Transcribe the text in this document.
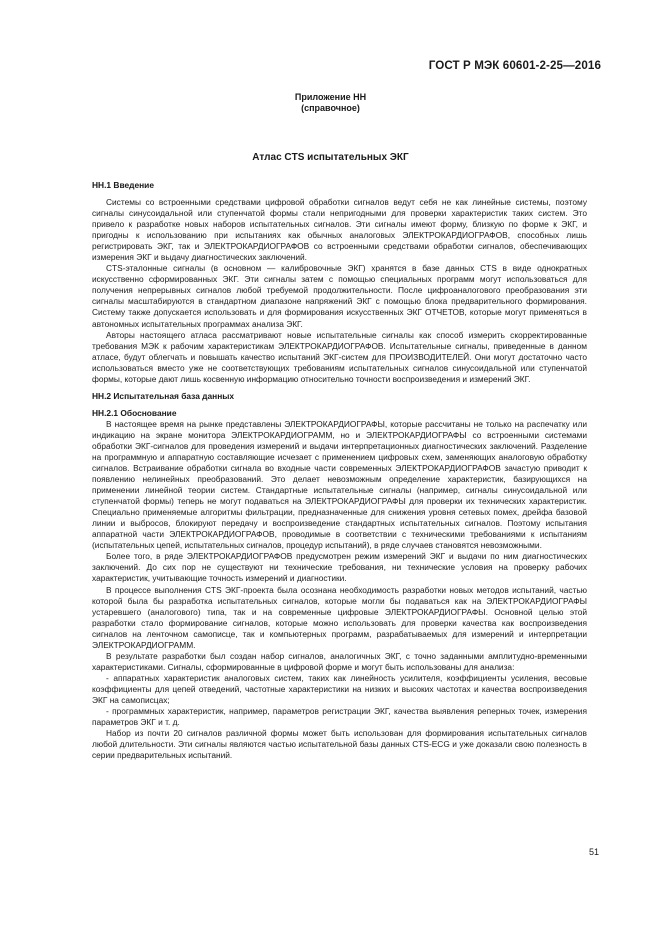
ГОСТ Р МЭК 60601-2-25—2016
Приложение НН
(справочное)
Атлас CTS испытательных ЭКГ
НН.1 Введение

Системы со встроенными средствами цифровой обработки сигналов ведут себя не как линейные системы, поэтому сигналы синусоидальной или ступенчатой формы стали непригодными для проверки характеристик таких систем. Это привело к разработке новых наборов испытательных сигналов. Эти сигналы имеют форму, близкую по форме к ЭКГ, и пригодны к использованию при испытаниях как обычных аналоговых ЭЛЕКТРОКАРДИОГРАФОВ, способных лишь регистрировать ЭКГ, так и ЭЛЕКТРОКАРДИОГРАФОВ со встроенными средствами обработки сигналов, обеспечивающих измерения ЭКГ и выдачу диагностических заключений.

CTS-эталонные сигналы (в основном — калибровочные ЭКГ) хранятся в базе данных CTS в виде однократных искусственно сформированных ЭКГ. Эти сигналы затем с помощью специальных программ могут использоваться для получения непрерывных сигналов любой требуемой продолжительности. После цифроаналогового преобразования эти сигналы масштабируются в стандартном диапазоне напряжений ЭКГ с помощью блока предварительного формирования. Систему также допускается использовать и для формирования искусственных ЭКГ ОТЧЕТОВ, которые могут применяться в автономных испытательных программах анализа ЭКГ.

Авторы настоящего атласа рассматривают новые испытательные сигналы как способ измерить скорректированные требования МЭК к рабочим характеристикам ЭЛЕКТРОКАРДИОГРАФОВ. Испытательные сигналы, приведенные в данном атласе, будут облегчать и повышать качество испытаний ЭКГ-систем для ПРОИЗВОДИТЕЛЕЙ. Они могут достаточно часто использоваться вместо уже не соответствующих требованиям испытательных сигналов синусоидальной или ступенчатой формы, которые дают лишь косвенную информацию относительно точности воспроизведения и измерений ЭКГ.

НН.2 Испытательная база данных
НН.2.1 Обоснование

В настоящее время на рынке представлены ЭЛЕКТРОКАРДИОГРАФЫ, которые рассчитаны не только на распечатку или индикацию на экране монитора ЭЛЕКТРОКАРДИОГРАММ, но и ЭЛЕКТРОКАРДИОГРАФЫ со встроенными системами обработки ЭКГ-сигналов для проведения измерений и выдачи интерпретационных диагностических заключений. Разделение на программную и аппаратную составляющие исчезает с применением цифровых схем, заменяющих аналоговую обработку сигналов. Встраивание обработки сигнала во входные части современных ЭЛЕКТРОКАРДИОГРАФОВ зачастую приводит к появлению нелинейных преобразований. Это делает невозможным определение характеристик, базирующихся на применении линейной теории систем. Стандартные испытательные сигналы (например, сигналы синусоидальной или ступенчатой формы) теперь не могут подаваться на ЭЛЕКТРОКАРДИОГРАФЫ для проверки их технических характеристик. Специально применяемые алгоритмы фильтрации, предназначенные для снижения уровня сетевых помех, дрейфа базовой линии и выбросов, блокируют передачу и воспроизведение стандартных испытательных сигналов. Поэтому испытания аппаратной части ЭЛЕКТРОКАРДИОГРАФОВ, проводимые в соответствии с техническими требованиями к испытаниям (испытательных цепей, испытательных сигналов, процедур испытаний), в ряде случаев становятся невозможными.

Более того, в ряде ЭЛЕКТРОКАРДИОГРАФОВ предусмотрен режим измерений ЭКГ и выдачи по ним диагностических заключений. До сих пор не существуют ни технические требования, ни технические условия на проверку рабочих характеристик, учитывающие точность измерений и диагностики.

В процессе выполнения CTS ЭКГ-проекта была осознана необходимость разработки новых методов испытаний, частью которой была бы разработка испытательных сигналов, которые могли бы подаваться как на ЭЛЕКТРОКАРДИОГРАФЫ устаревшего (аналогового) типа, так и на современные цифровые ЭЛЕКТРОКАРДИОГРАФЫ. Основной целью этой разработки стало формирование сигналов, которые можно использовать для проверки качества как воспроизведения сигналов на ленточном самописце, так и компьютерных программ, разрабатываемых для измерений и интерпретации ЭЛЕКТРОКАРДИОГРАММ.

В результате разработки был создан набор сигналов, аналогичных ЭКГ, с точно заданными амплитудно-временными характеристиками. Сигналы, сформированные в цифровой форме и могут быть использованы для анализа:

- аппаратных характеристик аналоговых систем, таких как линейность усилителя, коэффициенты усиления, весовые коэффициенты для цепей отведений, частотные характеристики на низких и высоких частотах и качества воспроизведения ЭКГ на самописцах;

- программных характеристик, например, параметров регистрации ЭКГ, качества выявления реперных точек, измерения параметров ЭКГ и т. д.

Набор из почти 20 сигналов различной формы может быть использован для формирования испытательных сигналов любой длительности. Эти сигналы являются частью испытательной базы данных CTS-ECG и уже доказали свою полезность в серии предварительных испытаний.

51
